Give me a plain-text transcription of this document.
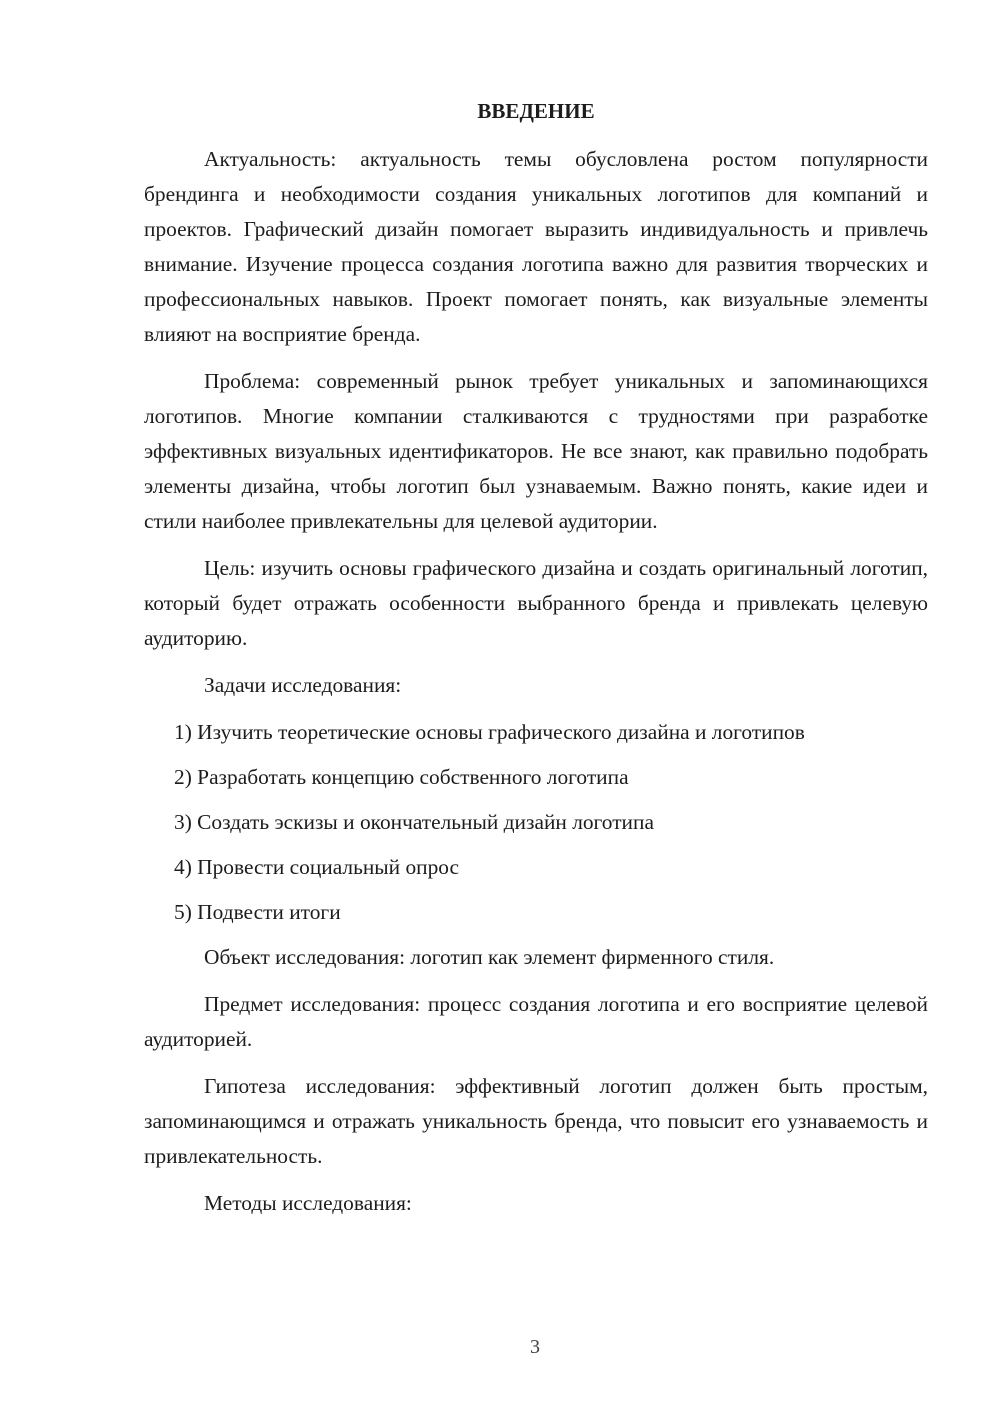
ВВЕДЕНИЕ

Актуальность: актуальность темы обусловлена ростом популярности брендинга и необходимости создания уникальных логотипов для компаний и проектов. Графический дизайн помогает выразить индивидуальность и привлечь внимание. Изучение процесса создания логотипа важно для развития творческих и профессиональных навыков. Проект помогает понять, как визуальные элементы влияют на восприятие бренда.

Проблема: современный рынок требует уникальных и запоминающихся логотипов. Многие компании сталкиваются с трудностями при разработке эффективных визуальных идентификаторов. Не все знают, как правильно подобрать элементы дизайна, чтобы логотип был узнаваемым. Важно понять, какие идеи и стили наиболее привлекательны для целевой аудитории.

Цель: изучить основы графического дизайна и создать оригинальный логотип, который будет отражать особенности выбранного бренда и привлекать целевую аудиторию.

Задачи исследования:

1) Изучить теоретические основы графического дизайна и логотипов
2) Разработать концепцию собственного логотипа
3) Создать эскизы и окончательный дизайн логотипа
4) Провести социальный опрос
5) Подвести итоги

Объект исследования: логотип как элемент фирменного стиля.

Предмет исследования: процесс создания логотипа и его восприятие целевой аудиторией.

Гипотеза исследования: эффективный логотип должен быть простым, запоминающимся и отражать уникальность бренда, что повысит его узнаваемость и привлекательность.

Методы исследования:

3
